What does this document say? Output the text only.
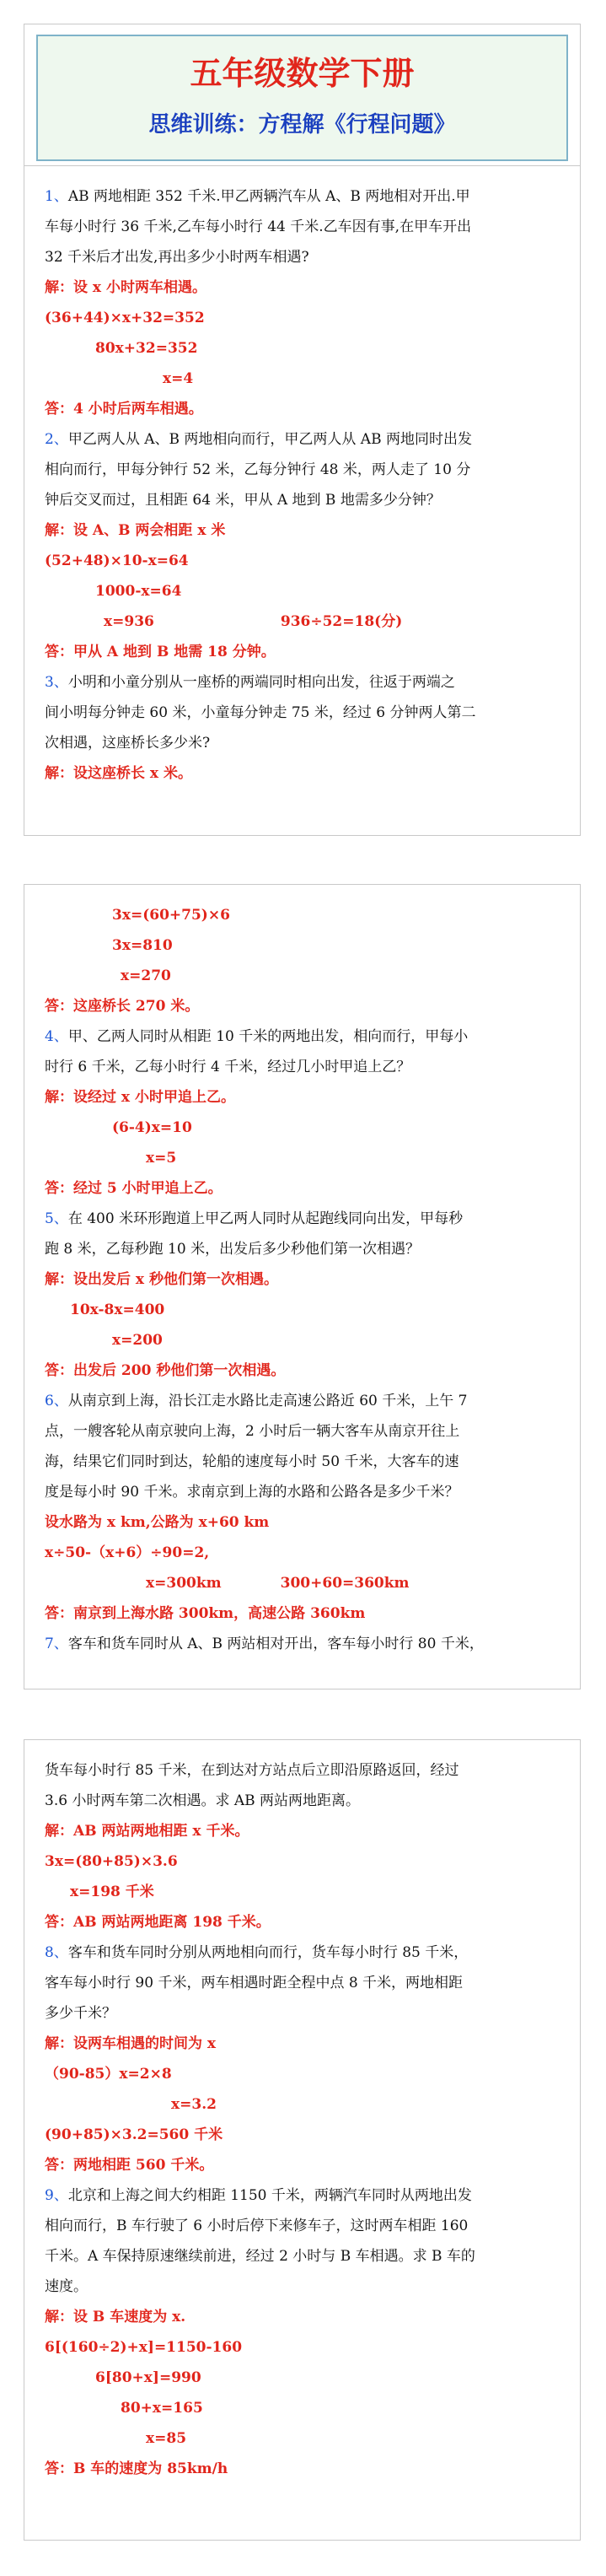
五年级数学下册
思维训练：方程解《行程问题》
1、AB 两地相距 352 千米.甲乙两辆汽车从 A、B 两地相对开出.甲
车每小时行 36 千米,乙车每小时行 44 千米.乙车因有事,在甲车开出
32 千米后才出发,再出多少小时两车相遇?
解：设 x 小时两车相遇。
(36+44)×x+32=352
80x+32=352
x=4
答：4 小时后两车相遇。
2、甲乙两人从 A、B 两地相向而行，甲乙两人从 AB 两地同时出发
相向而行，甲每分钟行 52 米，乙每分钟行 48 米，两人走了 10 分
钟后交叉而过，且相距 64 米，甲从 A 地到 B 地需多少分钟？
解：设 A、B 两会相距 x 米
(52+48)×10-x=64
1000-x=64
x=936	936÷52=18(分)
答：甲从 A 地到 B 地需 18 分钟。
3、小明和小童分别从一座桥的两端同时相向出发，往返于两端之
间小明每分钟走 60 米，小童每分钟走 75 米，经过 6 分钟两人第二
次相遇，这座桥长多少米?
解：设这座桥长 x 米。
3x=(60+75)×6
3x=810
x=270
答：这座桥长 270 米。
4、甲、乙两人同时从相距 10 千米的两地出发，相向而行，甲每小
时行 6 千米，乙每小时行 4 千米，经过几小时甲追上乙？
解：设经过 x 小时甲追上乙。
(6-4)x=10
x=5
答：经过 5 小时甲追上乙。
5、在 400 米环形跑道上甲乙两人同时从起跑线同向出发，甲每秒
跑 8 米，乙每秒跑 10 米，出发后多少秒他们第一次相遇？
解：设出发后 x 秒他们第一次相遇。
10x-8x=400
x=200
答：出发后 200 秒他们第一次相遇。
6、从南京到上海，沿长江走水路比走高速公路近 60 千米，上午 7
点，一艘客轮从南京驶向上海，2 小时后一辆大客车从南京开往上
海，结果它们同时到达，轮船的速度每小时 50 千米，大客车的速
度是每小时 90 千米。求南京到上海的水路和公路各是多少千米？
设水路为 x km,公路为 x+60 km
x÷50-（x+6）÷90=2,
x=300km	300+60=360km
答：南京到上海水路 300km，高速公路 360km
7、客车和货车同时从 A、B 两站相对开出，客车每小时行 80 千米，
货车每小时行 85 千米，在到达对方站点后立即沿原路返回，经过
3.6 小时两车第二次相遇。求 AB 两站两地距离。
解：AB 两站两地相距 x 千米。
3x=(80+85)×3.6
x=198 千米
答：AB 两站两地距离 198 千米。
8、客车和货车同时分别从两地相向而行，货车每小时行 85 千米，
客车每小时行 90 千米，两车相遇时距全程中点 8 千米，两地相距
多少千米？
解：设两车相遇的时间为 x
（90-85）x=2×8
x=3.2
(90+85)×3.2=560 千米
答：两地相距 560 千米。
9、北京和上海之间大约相距 1150 千米，两辆汽车同时从两地出发
相向而行，B 车行驶了 6 小时后停下来修车子，这时两车相距 160
千米。A 车保持原速继续前进，经过 2 小时与 B 车相遇。求 B 车的
速度。
解：设 B 车速度为 x.
6[(160÷2)+x]=1150-160
6[80+x]=990
80+x=165
x=85
答：B 车的速度为 85km/h
